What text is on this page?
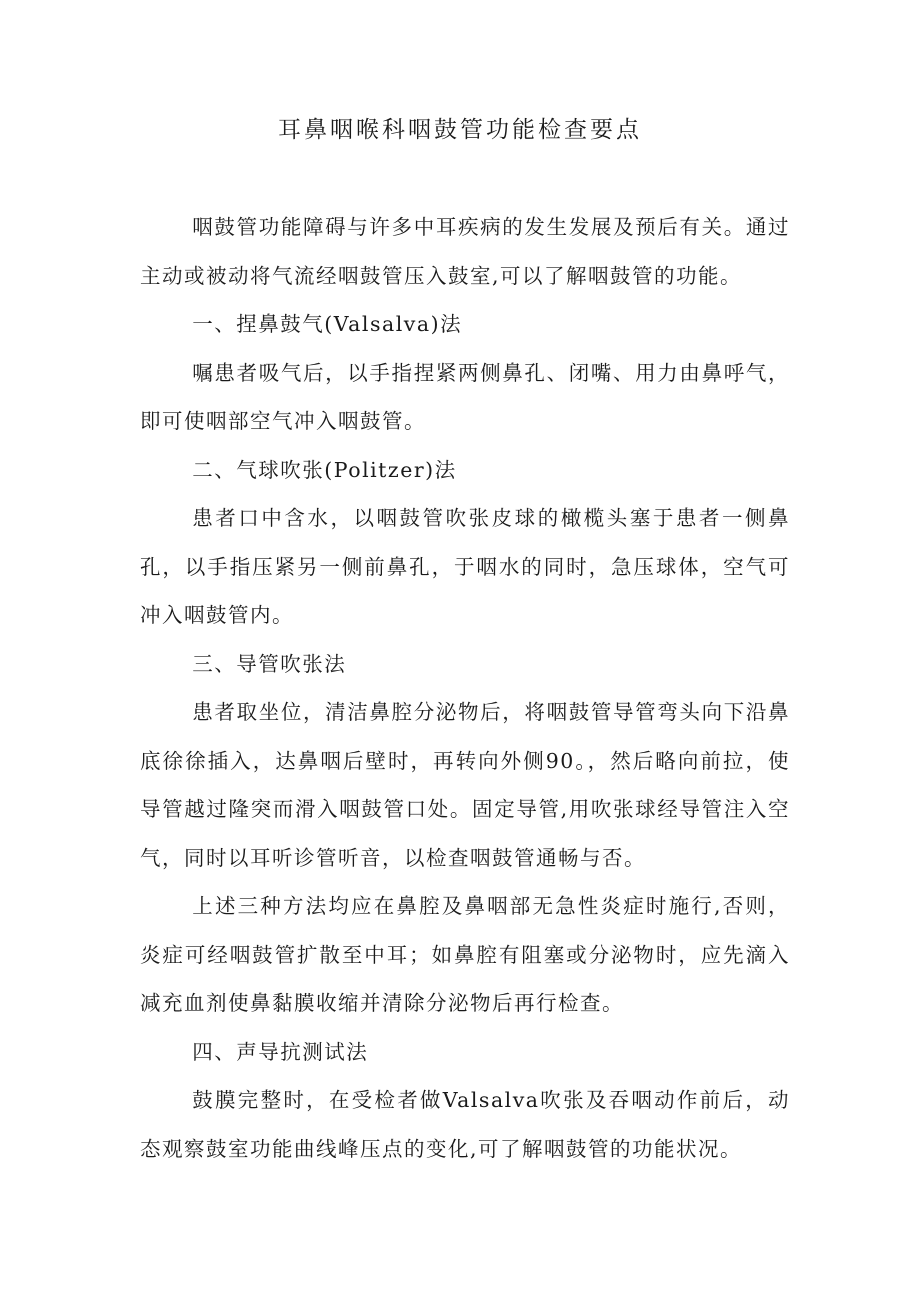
耳鼻咽喉科咽鼓管功能检查要点

咽鼓管功能障碍与许多中耳疾病的发生发展及预后有关。通过主动或被动将气流经咽鼓管压入鼓室,可以了解咽鼓管的功能。

一、捏鼻鼓气(Valsalva)法

嘱患者吸气后，以手指捏紧两侧鼻孔、闭嘴、用力由鼻呼气，即可使咽部空气冲入咽鼓管。

二、气球吹张(Politzer)法

患者口中含水，以咽鼓管吹张皮球的橄榄头塞于患者一侧鼻孔，以手指压紧另一侧前鼻孔，于咽水的同时，急压球体，空气可冲入咽鼓管内。

三、导管吹张法

患者取坐位，清洁鼻腔分泌物后，将咽鼓管导管弯头向下沿鼻底徐徐插入，达鼻咽后壁时，再转向外侧90。，然后略向前拉，使导管越过隆突而滑入咽鼓管口处。固定导管,用吹张球经导管注入空气，同时以耳听诊管听音，以检查咽鼓管通畅与否。

上述三种方法均应在鼻腔及鼻咽部无急性炎症时施行,否则，炎症可经咽鼓管扩散至中耳；如鼻腔有阻塞或分泌物时，应先滴入减充血剂使鼻黏膜收缩并清除分泌物后再行检查。

四、声导抗测试法

鼓膜完整时，在受检者做Valsalva吹张及吞咽动作前后，动态观察鼓室功能曲线峰压点的变化,可了解咽鼓管的功能状况。
